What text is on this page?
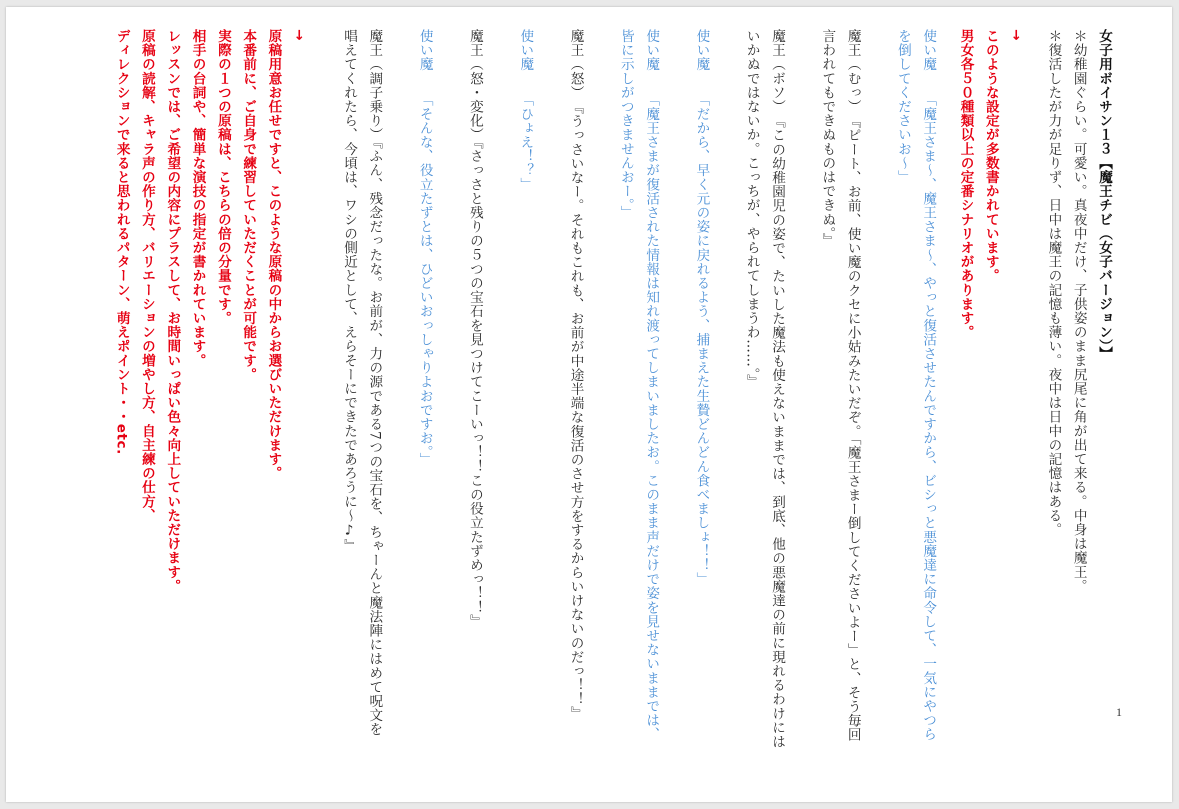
女子用ボイサン１３【魔王チビ（女子バージョン）】
＊幼稚園ぐらい。可愛い。真夜中だけ、子供姿のまま尻尾に角が出て来る。中身は魔王。
＊復活したが力が足りず、日中は魔王の記憶も薄い。夜中は日中の記憶はある。
→
このような設定が多数書かれています。
男女各５０種類以上の定番シナリオがあります。
使い魔　　「魔王さま〜、魔王さま〜、やっと復活させたんですから、ビシっと悪魔達に命令して、一気にやつらを倒してくださいお〜」
魔王（むっ）　『ピート、お前、使い魔のクセに小姑みたいだぞ。「魔王さまー倒してくださいよー」と、そう毎回言われてもできぬものはできぬ。』
魔王（ボソ）　『この幼稚園児の姿で、たいした魔法も使えないままでは、到底、他の悪魔達の前に現れるわけにはいかぬではないか。こっちが、やられてしまうわ……。』
使い魔　　「だから、早く元の姿に戻れるよう、捕まえた生贄どんどん食べましょ！！」
使い魔　　「魔王さまが復活された情報は知れ渡ってしまいましたお。このまま声だけで姿を見せないままでは、皆に示しがつきませんおー。」
魔王（怒）　『うっさいなー。それもこれも、お前が中途半端な復活のさせ方をするからいけないのだっ！！』
使い魔　　「ひょえ！？」
魔王（怒・変化）『さっさと残りの５つの宝石を見つけてこーいっ！！この役立たずめっ！！』
使い魔　　「そんな、役立たずとは、ひどいおっしゃりよおですお。」
魔王（調子乗り）『ふん、残念だったな。お前が、力の源である7つの宝石を、ちゃーんと魔法陣にはめて呪文を唱えてくれたら、今頃は、ワシの側近として、えらそーにできたであろうに〜♪』
→
原稿用意お任せですと、このような原稿の中からお選びいただけます。
本番前に、ご自身で練習していただくことが可能です。
実際の１つの原稿は、こちらの倍の分量です。
相手の台詞や、簡単な演技の指定が書かれています。
レッスンでは、ご希望の内容にプラスして、お時間いっぱい色々向上していただけます。
原稿の読解、キャラ声の作り方、バリエーションの増やし方、自主練の仕方、
ディレクションで来ると思われるパターン、萌えポイント・・etc.
1
